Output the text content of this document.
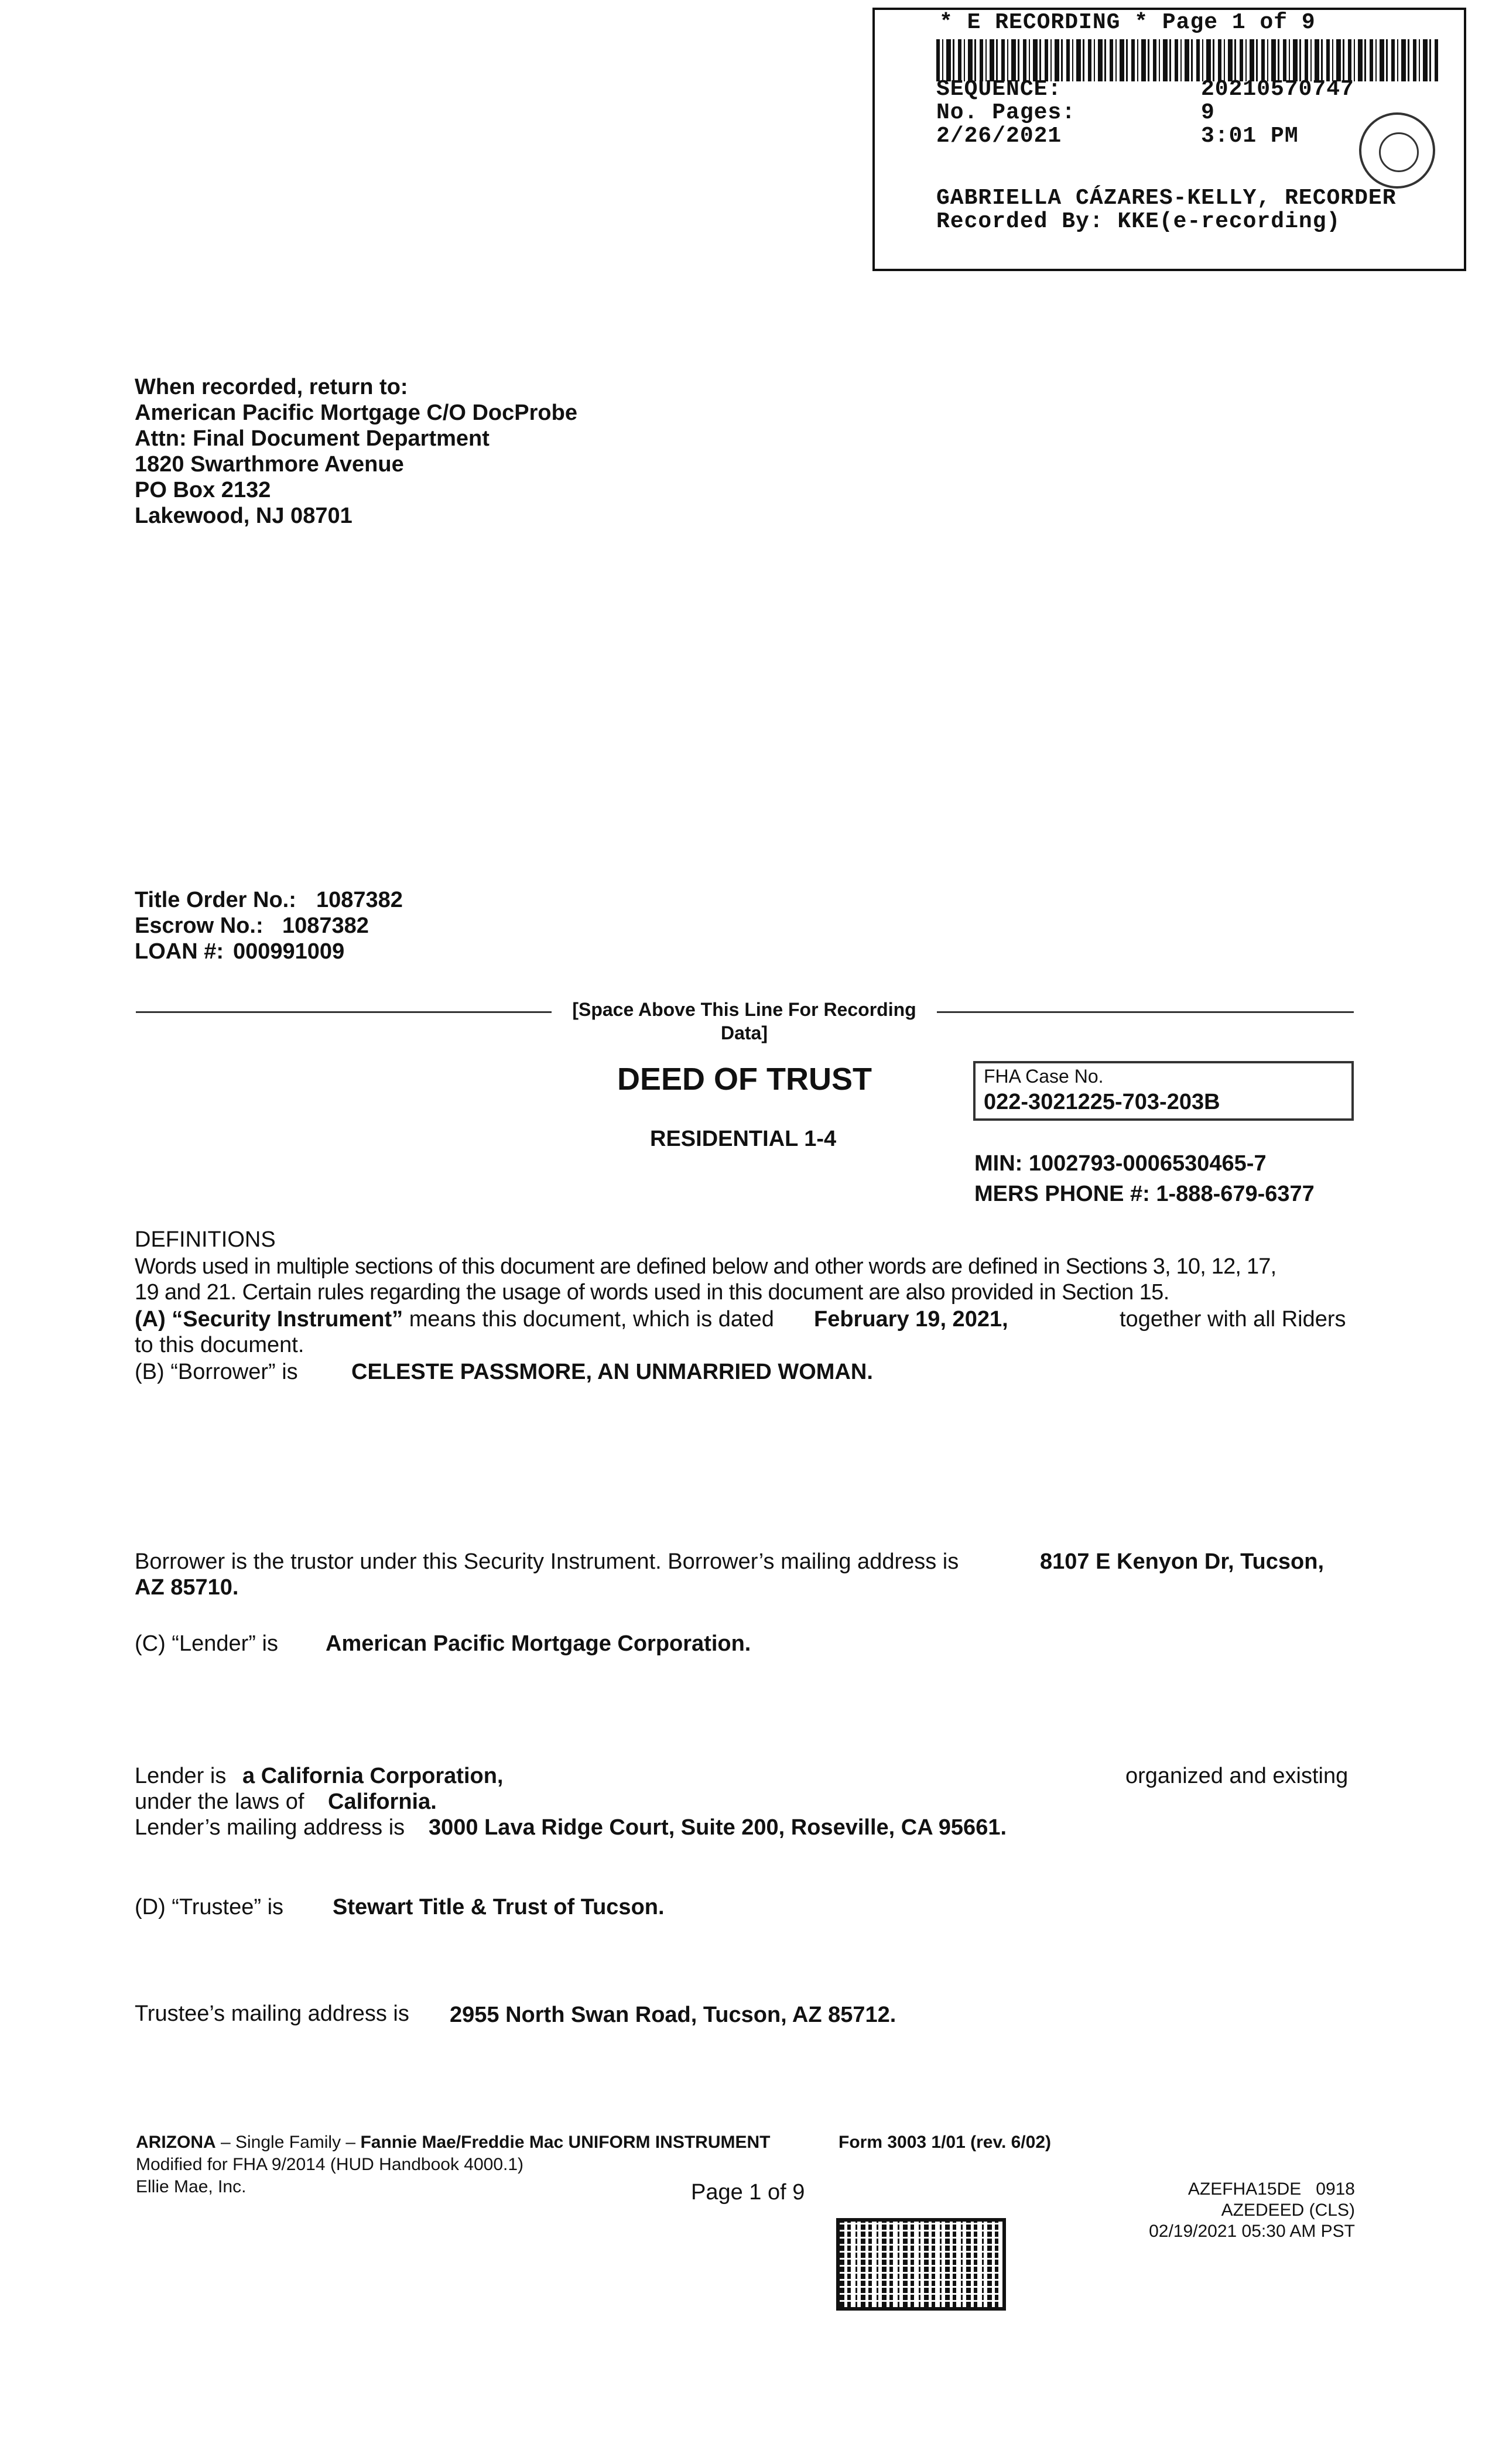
* E RECORDING * Page 1 of 9
SEQUENCE:	20210570747
No. Pages:	9
2/26/2021	3:01 PM
GABRIELLA CÁZARES-KELLY, RECORDER
Recorded By: KKE(e-recording)
When recorded, return to:
American Pacific Mortgage C/O DocProbe
Attn: Final Document Department
1820 Swarthmore Avenue
PO Box 2132
Lakewood, NJ 08701
Title Order No.: 1087382
Escrow No.: 1087382
LOAN #: 000991009
[Space Above This Line For Recording Data]
DEED OF TRUST
RESIDENTIAL 1-4
FHA Case No.
022-3021225-703-203B
MIN: 1002793-0006530465-7
MERS PHONE #: 1-888-679-6377
DEFINITIONS
Words used in multiple sections of this document are defined below and other words are defined in Sections 3, 10, 12, 17,
19 and 21. Certain rules regarding the usage of words used in this document are also provided in Section 15.
(A) “Security Instrument” means this document, which is dated February 19, 2021,	together with all Riders
to this document.
(B) “Borrower” is CELESTE PASSMORE, AN UNMARRIED WOMAN.
Borrower is the trustor under this Security Instrument. Borrower’s mailing address is	8107 E Kenyon Dr, Tucson,
AZ 85710.
(C) “Lender” is American Pacific Mortgage Corporation.
Lender is a California Corporation,	organized and existing
under the laws of California.
Lender’s mailing address is 3000 Lava Ridge Court, Suite 200, Roseville, CA 95661.
(D) “Trustee” is Stewart Title & Trust of Tucson.
Trustee’s mailing address is 2955 North Swan Road, Tucson, AZ 85712.
ARIZONA – Single Family – Fannie Mae/Freddie Mac UNIFORM INSTRUMENT	Form 3003 1/01 (rev. 6/02)
Modified for FHA 9/2014 (HUD Handbook 4000.1)
Ellie Mae, Inc.	Page 1 of 9	AZEFHA15DE   0918
AZEDEED (CLS)
02/19/2021 05:30 AM PST
